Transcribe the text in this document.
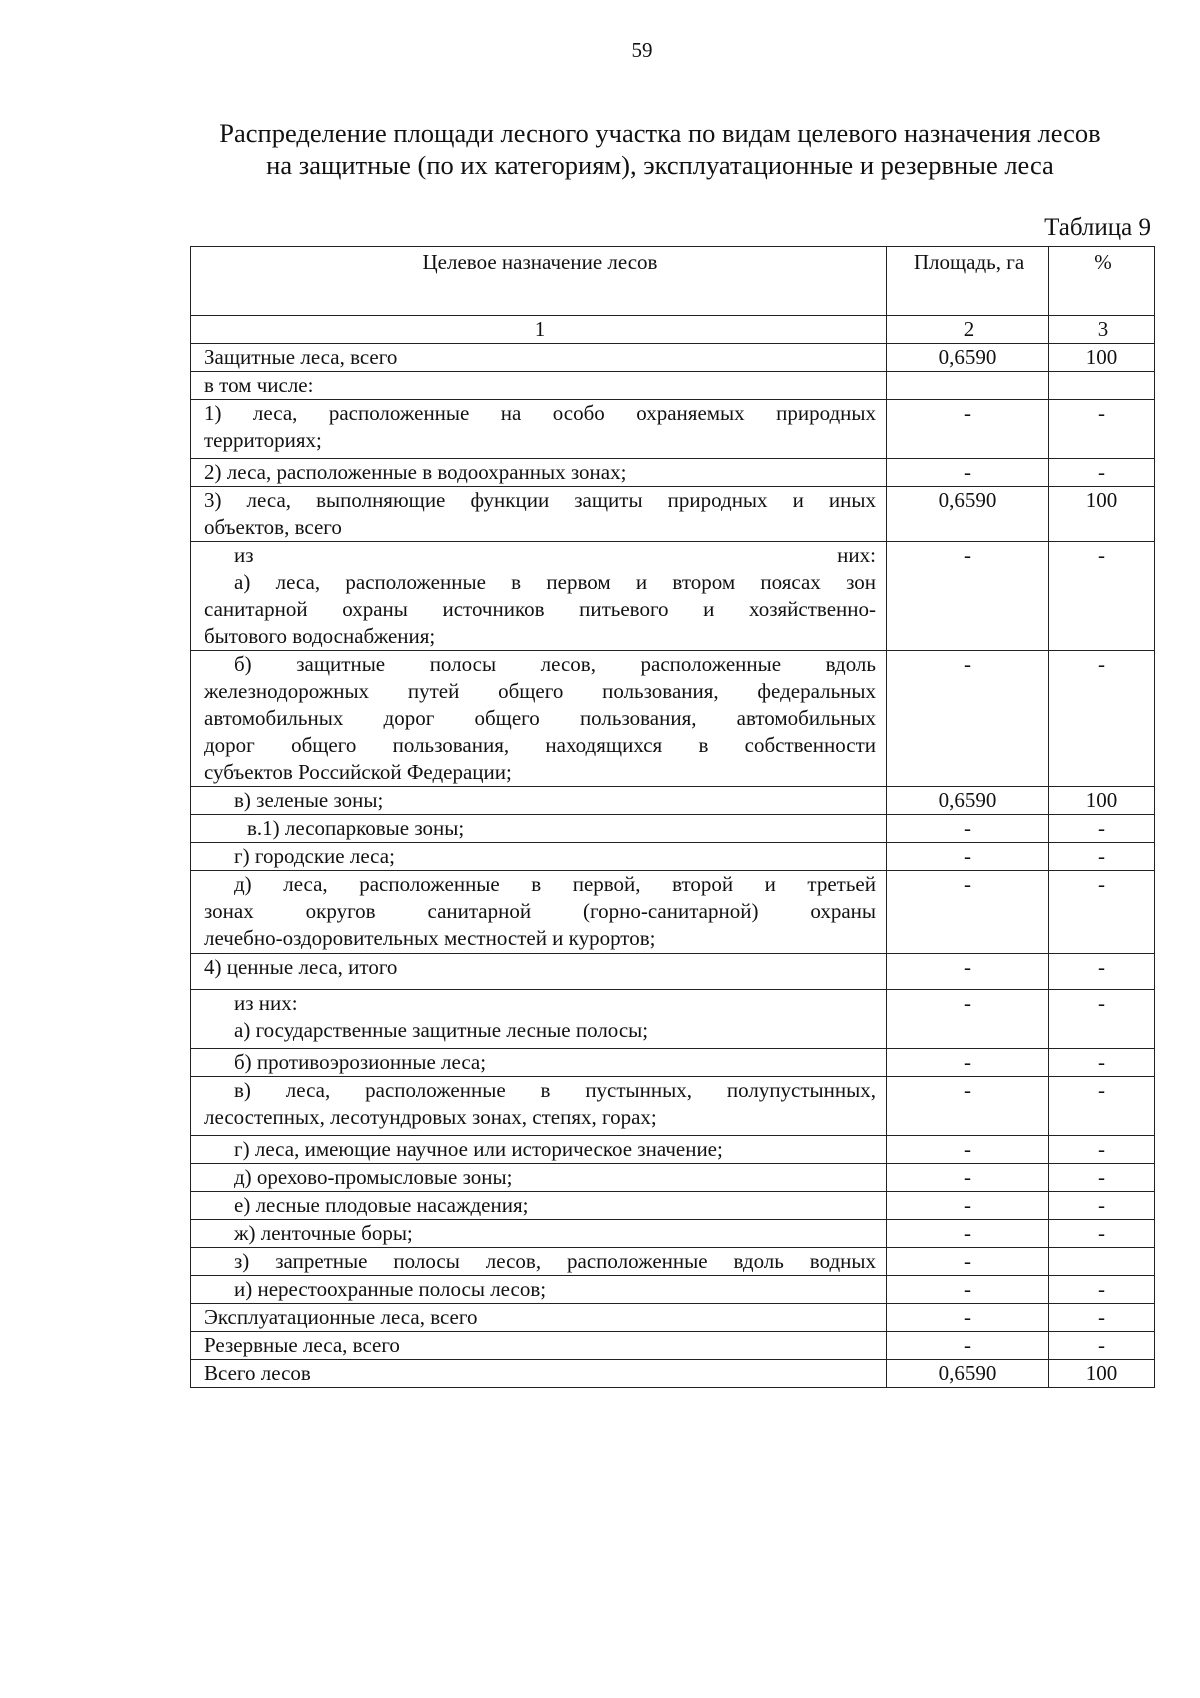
59
Распределение площади лесного участка по видам целевого назначения лесов
на защитные (по их категориям), эксплуатационные и резервные леса
Таблица 9
Целевое назначение лесов	Площадь, га	%
1	2	3

Защитные леса, всего	0,6590	100

в том числе:		

1) леса, расположенные на особо охраняемых природных
территориях;	-	-

2) леса, расположенные в водоохранных зонах;	-	-

3) леса, выполняющие функции защиты природных и иных
объектов, всего	0,6590	100

из них:
а) леса, расположенные в первом и втором поясах зон
санитарной охраны источников питьевого и хозяйственно-
бытового водоснабжения;	-	-

б) защитные полосы лесов, расположенные вдоль
железнодорожных путей общего пользования, федеральных
автомобильных дорог общего пользования, автомобильных
дорог общего пользования, находящихся в собственности
субъектов Российской Федерации;	-	-

в) зеленые зоны;	0,6590	100

в.1) лесопарковые зоны;	-	-

г) городские леса;	-	-

д) леса, расположенные в первой, второй и третьей
зонах округов санитарной (горно-санитарной) охраны
лечебно-оздоровительных местностей и курортов;	-	-

4) ценные леса, итого	-	-

из них:
а) государственные защитные лесные полосы;	-	-

б) противоэрозионные леса;	-	-

в) леса, расположенные в пустынных, полупустынных,
лесостепных, лесотундровых зонах, степях, горах;	-	-

г) леса, имеющие научное или историческое значение;	-	-

д) орехово-промысловые зоны;	-	-

е) лесные плодовые насаждения;	-	-

ж) ленточные боры;	-	-

з) запретные полосы лесов, расположенные вдоль водных	-	

и) нерестоохранные полосы лесов;	-	-

Эксплуатационные леса, всего	-	-

Резервные леса, всего	-	-

Всего лесов	0,6590	100
